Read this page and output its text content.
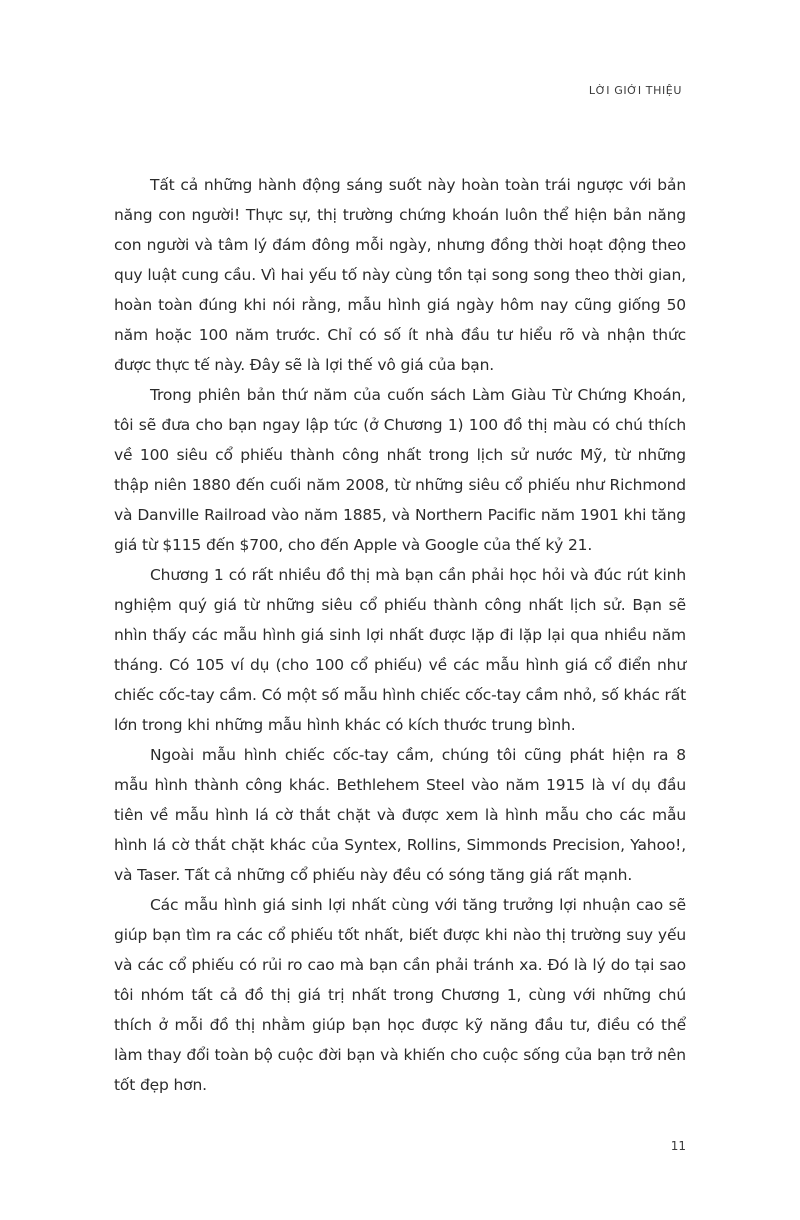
LỜI GIỚI THIỆU

Tất cả những hành động sáng suốt này hoàn toàn trái ngược với bản năng con người! Thực sự, thị trường chứng khoán luôn thể hiện bản năng con người và tâm lý đám đông mỗi ngày, nhưng đồng thời hoạt động theo quy luật cung cầu. Vì hai yếu tố này cùng tồn tại song song theo thời gian, hoàn toàn đúng khi nói rằng, mẫu hình giá ngày hôm nay cũng giống 50 năm hoặc 100 năm trước. Chỉ có số ít nhà đầu tư hiểu rõ và nhận thức được thực tế này. Đây sẽ là lợi thế vô giá của bạn.

Trong phiên bản thứ năm của cuốn sách Làm Giàu Từ Chứng Khoán, tôi sẽ đưa cho bạn ngay lập tức (ở Chương 1) 100 đồ thị màu có chú thích về 100 siêu cổ phiếu thành công nhất trong lịch sử nước Mỹ, từ những thập niên 1880 đến cuối năm 2008, từ những siêu cổ phiếu như Richmond và Danville Railroad vào năm 1885, và Northern Pacific năm 1901 khi tăng giá từ $115 đến $700, cho đến Apple và Google của thế kỷ 21.

Chương 1 có rất nhiều đồ thị mà bạn cần phải học hỏi và đúc rút kinh nghiệm quý giá từ những siêu cổ phiếu thành công nhất lịch sử. Bạn sẽ nhìn thấy các mẫu hình giá sinh lợi nhất được lặp đi lặp lại qua nhiều năm tháng. Có 105 ví dụ (cho 100 cổ phiếu) về các mẫu hình giá cổ điển như chiếc cốc-tay cầm. Có một số mẫu hình chiếc cốc-tay cầm nhỏ, số khác rất lớn trong khi những mẫu hình khác có kích thước trung bình.

Ngoài mẫu hình chiếc cốc-tay cầm, chúng tôi cũng phát hiện ra 8 mẫu hình thành công khác. Bethlehem Steel vào năm 1915 là ví dụ đầu tiên về mẫu hình lá cờ thắt chặt và được xem là hình mẫu cho các mẫu hình lá cờ thắt chặt khác của Syntex, Rollins, Simmonds Precision, Yahoo!, và Taser. Tất cả những cổ phiếu này đều có sóng tăng giá rất mạnh.

Các mẫu hình giá sinh lợi nhất cùng với tăng trưởng lợi nhuận cao sẽ giúp bạn tìm ra các cổ phiếu tốt nhất, biết được khi nào thị trường suy yếu và các cổ phiếu có rủi ro cao mà bạn cần phải tránh xa. Đó là lý do tại sao tôi nhóm tất cả đồ thị giá trị nhất trong Chương 1, cùng với những chú thích ở mỗi đồ thị nhằm giúp bạn học được kỹ năng đầu tư, điều có thể làm thay đổi toàn bộ cuộc đời bạn và khiến cho cuộc sống của bạn trở nên tốt đẹp hơn.

11
